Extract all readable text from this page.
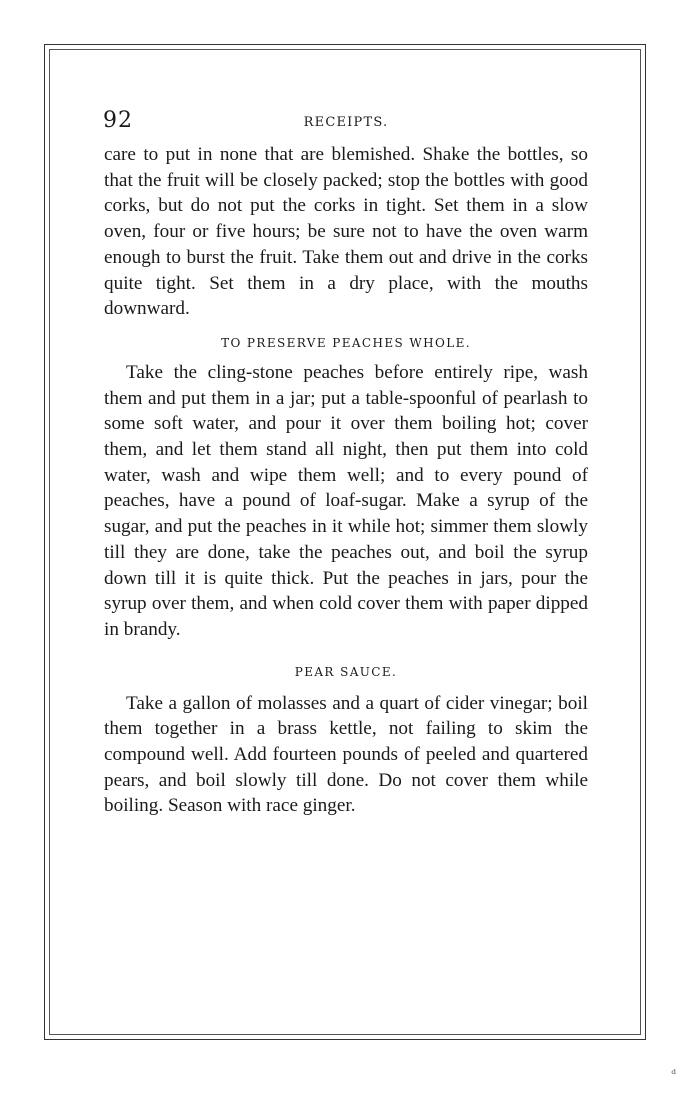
92	RECEIPTS.

care to put in none that are blemished. Shake the bottles, so that the fruit will be closely packed; stop the bottles with good corks, but do not put the corks in tight. Set them in a slow oven, four or five hours; be sure not to have the oven warm enough to burst the fruit. Take them out and drive in the corks quite tight. Set them in a dry place, with the mouths downward.

TO PRESERVE PEACHES WHOLE.

Take the cling-stone peaches before entirely ripe, wash them and put them in a jar; put a table-spoonful of pearlash to some soft water, and pour it over them boiling hot; cover them, and let them stand all night, then put them into cold water, wash and wipe them well; and to every pound of peaches, have a pound of loaf-sugar. Make a syrup of the sugar, and put the peaches in it while hot; simmer them slowly till they are done, take the peaches out, and boil the syrup down till it is quite thick. Put the peaches in jars, pour the syrup over them, and when cold cover them with paper dipped in brandy.

PEAR SAUCE.

Take a gallon of molasses and a quart of cider vinegar; boil them together in a brass kettle, not failing to skim the compound well. Add fourteen pounds of peeled and quartered pears, and boil slowly till done. Do not cover them while boiling. Season with race ginger.

ᵈ
